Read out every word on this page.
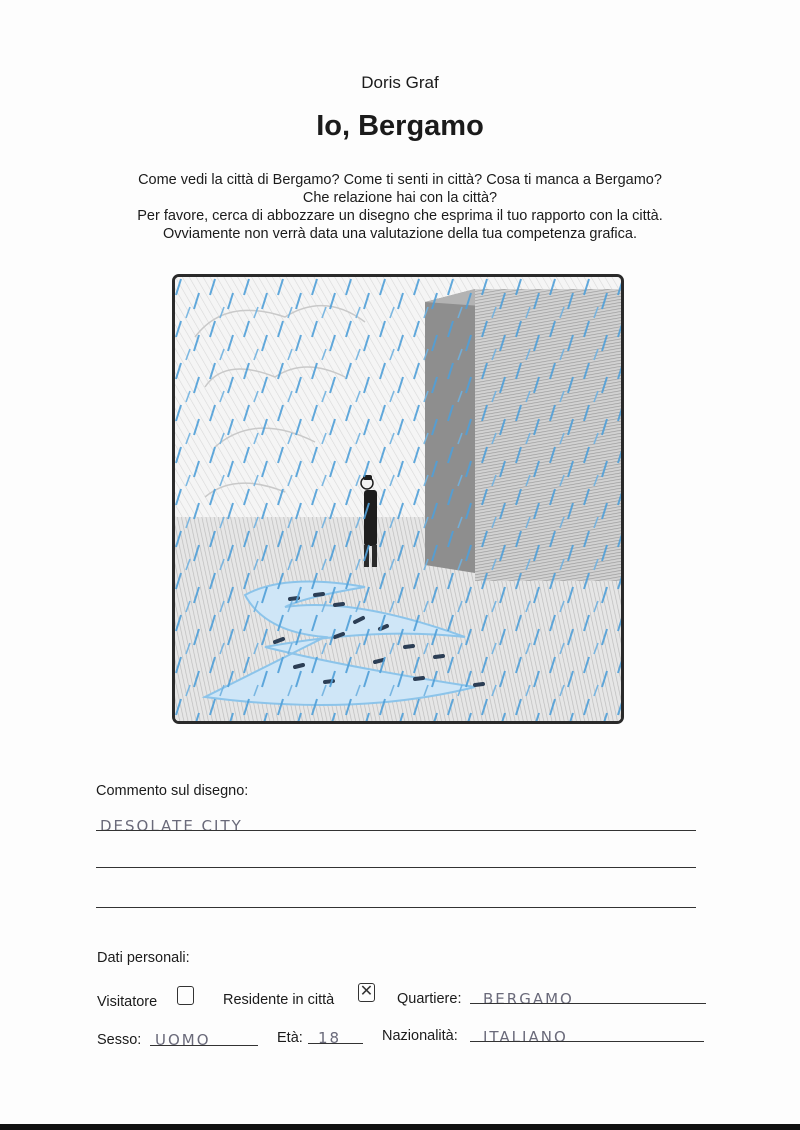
Doris Graf
Io, Bergamo
Come vedi la città di Bergamo? Come ti senti in città? Cosa ti manca a Bergamo?
Che relazione hai con la città?
Per favore, cerca di abbozzare un disegno che esprima il tuo rapporto con la città.
Ovviamente non verrà data una valutazione della tua competenza grafica.
Commento sul disegno:
DESOLATE CITY
Dati personali:
Visitatore	Residente in città ✕ Quartiere: BERGAMO
Sesso: UOMO	Età: 18	Nazionalità: ITALIANO
